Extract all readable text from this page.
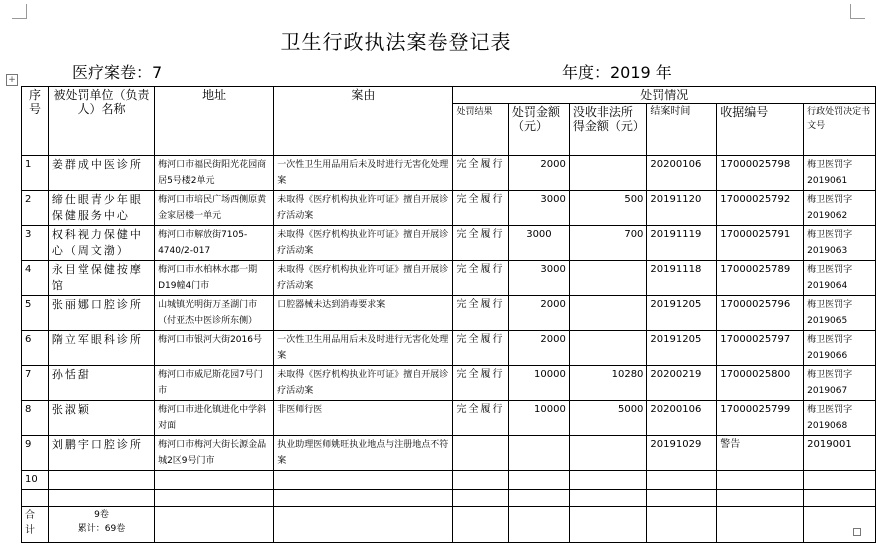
卫生行政执法案卷登记表
医疗案卷：7	年度：2019 年
+
序号	被处罚单位（负责人）名称	地址	案由	处罚情况					
				处罚结果	处罚金额（元）	没收非法所得金额（元）	结案时间	收据编号	行政处罚决定书文号
1	姜群成中医诊所	梅河口市福民街阳光花园商居5号楼2单元	一次性卫生用品用后未及时进行无害化处理案	完全履行	2000		20200106	17000025798	梅卫医罚字2019061
2	缔仕眼青少年眼保健服务中心	梅河口市培民广场西侧原黄金家居楼一单元	未取得《医疗机构执业许可证》擅自开展诊疗活动案	完全履行	3000	500	20191120	17000025792	梅卫医罚字2019062
3	权科视力保健中心（周文渤）	梅河口市解放街7105-4740/2-017	未取得《医疗机构执业许可证》擅自开展诊疗活动案	完全履行	3000	700	20191119	17000025791	梅卫医罚字2019063
4	永目堂保健按摩馆	梅河口市水柏林水郡一期D19幢4门市	未取得《医疗机构执业许可证》擅自开展诊疗活动案	完全履行	3000		20191118	17000025789	梅卫医罚字2019064
5	张丽娜口腔诊所	山城镇光明街万圣湖门市（付亚杰中医诊所东侧）	口腔器械未达到消毒要求案	完全履行	2000		20191205	17000025796	梅卫医罚字2019065
6	隋立军眼科诊所	梅河口市银河大街2016号	一次性卫生用品用后未及时进行无害化处理案	完全履行	2000		20191205	17000025797	梅卫医罚字2019066
7	孙恬甜	梅河口市威尼斯花园7号门市	未取得《医疗机构执业许可证》擅自开展诊疗活动案	完全履行	10000	10280	20200219	17000025800	梅卫医罚字2019067
8	张淑颖	梅河口市进化镇进化中学斜对面	非医师行医	完全履行	10000	5000	20200106	17000025799	梅卫医罚字2019068
9	刘鹏宇口腔诊所	梅河口市梅河大街长源金晶城2区9号门市	执业助理医师姚旺执业地点与注册地点不符案				20191029	警告	2019001
10									

合计	9卷
累计：69卷								
